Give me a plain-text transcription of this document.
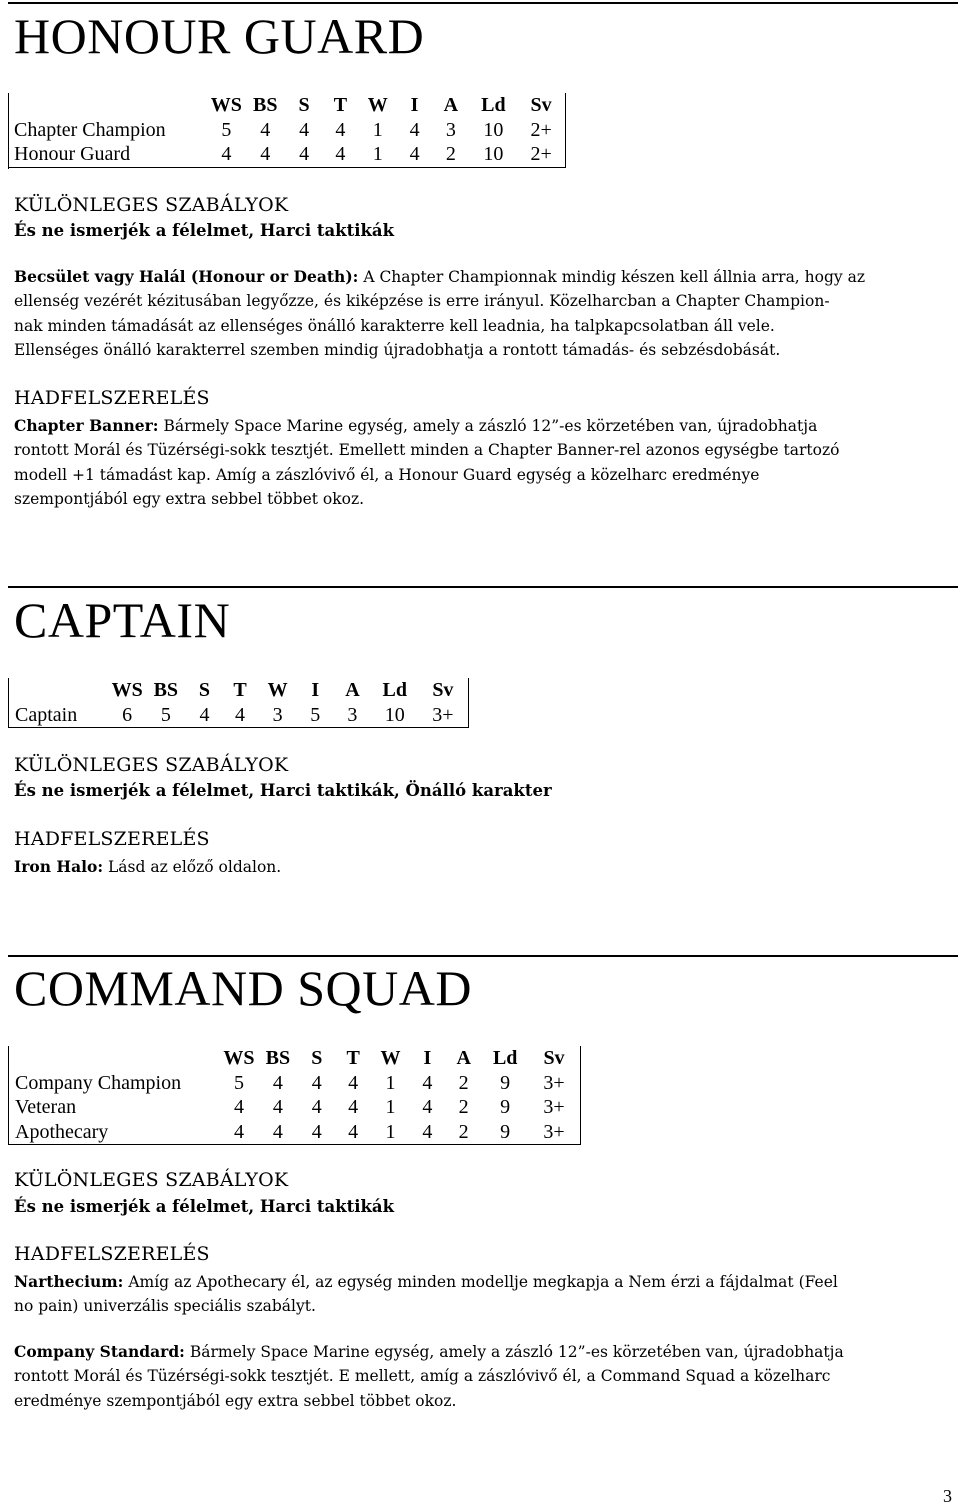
HONOUR GUARD
	WS	BS	S	T	W	I	A	Ld	Sv
Chapter Champion	5	4	4	4	1	4	3	10	2+
Honour Guard	4	4	4	4	1	4	2	10	2+
KÜLÖNLEGES SZABÁLYOK
És ne ismerjék a félelmet, Harci taktikák
Becsület vagy Halál (Honour or Death): A Chapter Championnak mindig készen kell állnia arra, hogy az
ellenség vezérét kézitusában legyőzze, és kiképzése is erre irányul. Közelharcban a Chapter Champion-
nak minden támadását az ellenséges önálló karakterre kell leadnia, ha talpkapcsolatban áll vele.
Ellenséges önálló karakterrel szemben mindig újradobhatja a rontott támadás- és sebzésdobását.
HADFELSZERELÉS
Chapter Banner: Bármely Space Marine egység, amely a zászló 12”-es körzetében van, újradobhatja
rontott Morál és Tüzérségi-sokk tesztjét. Emellett minden a Chapter Banner-rel azonos egységbe tartozó
modell +1 támadást kap. Amíg a zászlóvivő él, a Honour Guard egység a közelharc eredménye
szempontjából egy extra sebbel többet okoz.
CAPTAIN
	WS	BS	S	T	W	I	A	Ld	Sv
Captain	6	5	4	4	3	5	3	10	3+
KÜLÖNLEGES SZABÁLYOK
És ne ismerjék a félelmet, Harci taktikák, Önálló karakter
HADFELSZERELÉS
Iron Halo: Lásd az előző oldalon.
COMMAND SQUAD
	WS	BS	S	T	W	I	A	Ld	Sv
Company Champion	5	4	4	4	1	4	2	9	3+
Veteran	4	4	4	4	1	4	2	9	3+
Apothecary	4	4	4	4	1	4	2	9	3+
KÜLÖNLEGES SZABÁLYOK
És ne ismerjék a félelmet, Harci taktikák
HADFELSZERELÉS
Narthecium: Amíg az Apothecary él, az egység minden modellje megkapja a Nem érzi a fájdalmat (Feel
no pain) univerzális speciális szabályt.
Company Standard: Bármely Space Marine egység, amely a zászló 12”-es körzetében van, újradobhatja
rontott Morál és Tüzérségi-sokk tesztjét. E mellett, amíg a zászlóvivő él, a Command Squad a közelharc
eredménye szempontjából egy extra sebbel többet okoz.
3
